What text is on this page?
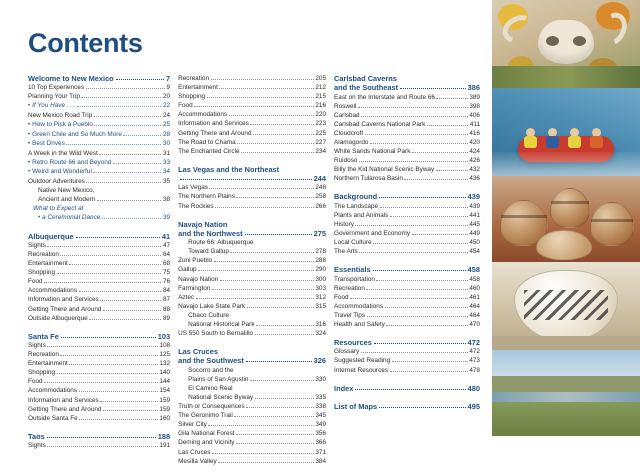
Contents
Welcome to New Mexico	7
10 Top Experiences	9
Planning Your Trip	20
• If You Have . . .	22
New Mexico Road Trip	24
• How to Pick a Pueblo	25
• Green Chile and So Much More	28
• Best Drives	30
A Week in the Wild West	31
• Retro Route 66 and Beyond	33
• Weird and Wonderful	34
Outdoor Adventures	35
Native New Mexico,
Ancient and Modern	38
What to Expect at
• a Ceremonial Dance	39
Albuquerque	41
Sights	47
Recreation	64
Entertainment	68
Shopping	75
Food	76
Accommodations	84
Information and Services	87
Getting There and Around	88
Outside Albuquerque	89
Santa Fe	103
Sights	108
Recreation	125
Entertainment	132
Shopping	140
Food	144
Accommodations	154
Information and Services	159
Getting There and Around	159
Outside Santa Fe	160
Taos	188
Sights	191
Recreation	205
Entertainment	212
Shopping	215
Food	216
Accommodations	220
Information and Services	223
Getting There and Around	225
The Road to Chama	227
The Enchanted Circle	234
Las Vegas and the Northeast
244
Las Vegas	248
The Northern Plains	258
The Rockies	266
Navajo Nation
and the Northwest	275
Route 66: Albuquerque
Toward Gallup	278
Zuni Pueblo	288
Gallup	290
Navajo Nation	300
Farmington	303
Aztec	312
Navajo Lake State Park	315
Chaco Culture
National Historical Park	316
US 550 South to Bernalillo	324
Las Cruces
and the Southwest	326
Socorro and the
Plains of San Agustin	330
El Camino Real
National Scenic Byway	335
Truth or Consequences	338
The Geronimo Trail	345
Silver City	349
Gila National Forest	356
Deming and Vicinity	366
Las Cruces	371
Mesilla Valley	384
Carlsbad Caverns
and the Southeast	386
East on the Interstate and Route 66	389
Roswell	398
Carlsbad	406
Carlsbad Caverns National Park	411
Cloudcroft	416
Alamogordo	420
White Sands National Park	424
Ruidoso	426
Billy the Kid National Scenic Byway	432
Northern Tularosa Basin	436
Background	439
The Landscape	439
Plants and Animals	441
History	445
Government and Economy	449
Local Culture	450
The Arts	454
Essentials	458
Transportation	458
Recreation	460
Food	461
Accommodations	464
Travel Tips	464
Health and Safety	470
Resources	472
Glossary	472
Suggested Reading	473
Internet Resources	478
Index	480
List of Maps	495
